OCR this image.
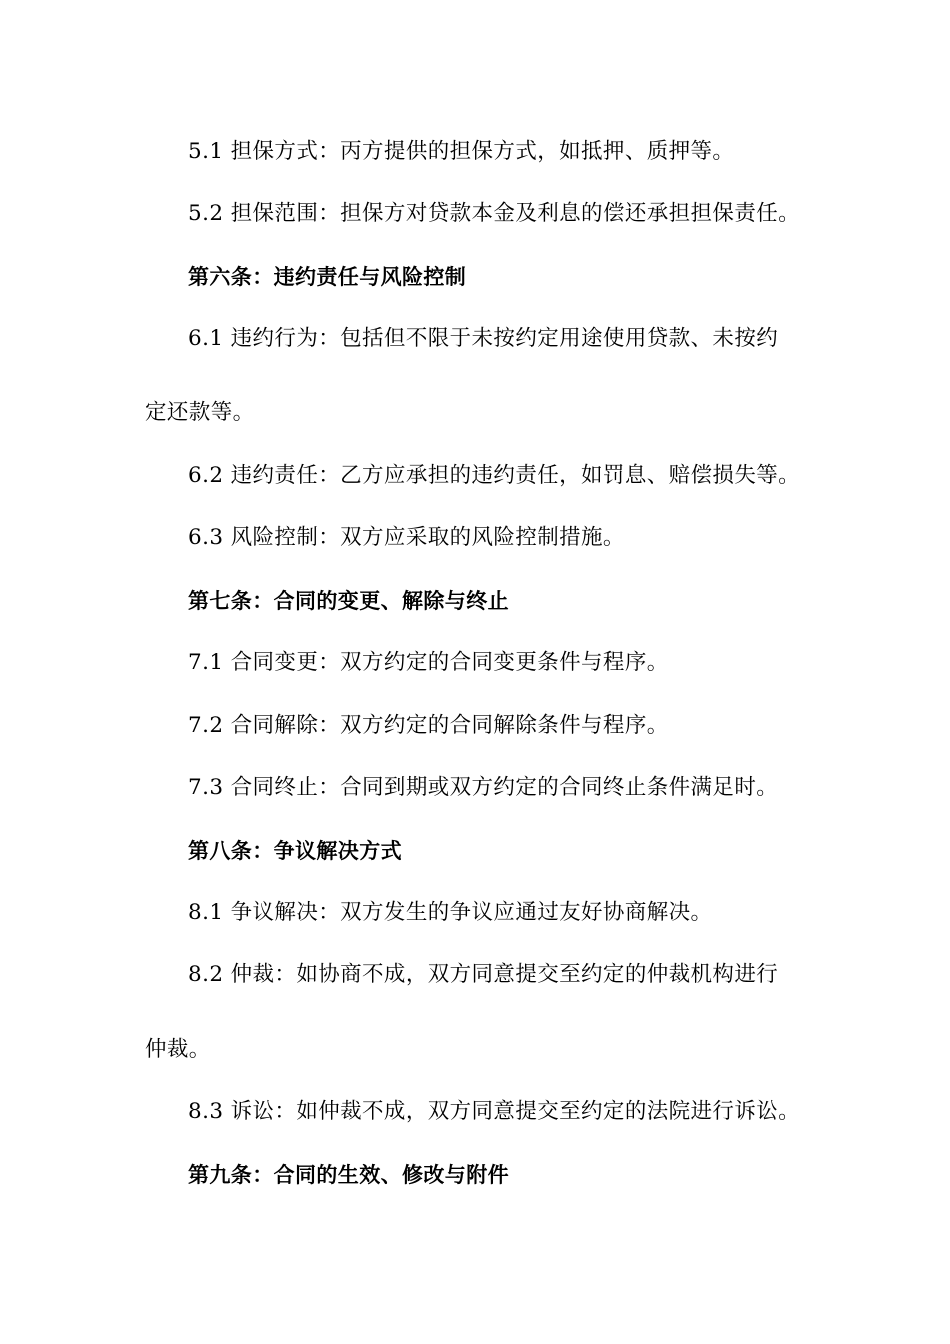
5.1 担保方式：丙方提供的担保方式，如抵押、质押等。
5.2 担保范围：担保方对贷款本金及利息的偿还承担担保责任。
第六条：违约责任与风险控制
6.1 违约行为：包括但不限于未按约定用途使用贷款、未按约
定还款等。
6.2 违约责任：乙方应承担的违约责任，如罚息、赔偿损失等。
6.3 风险控制：双方应采取的风险控制措施。
第七条：合同的变更、解除与终止
7.1 合同变更：双方约定的合同变更条件与程序。
7.2 合同解除：双方约定的合同解除条件与程序。
7.3 合同终止：合同到期或双方约定的合同终止条件满足时。
第八条：争议解决方式
8.1 争议解决：双方发生的争议应通过友好协商解决。
8.2 仲裁：如协商不成，双方同意提交至约定的仲裁机构进行
仲裁。
8.3 诉讼：如仲裁不成，双方同意提交至约定的法院进行诉讼。
第九条：合同的生效、修改与附件
